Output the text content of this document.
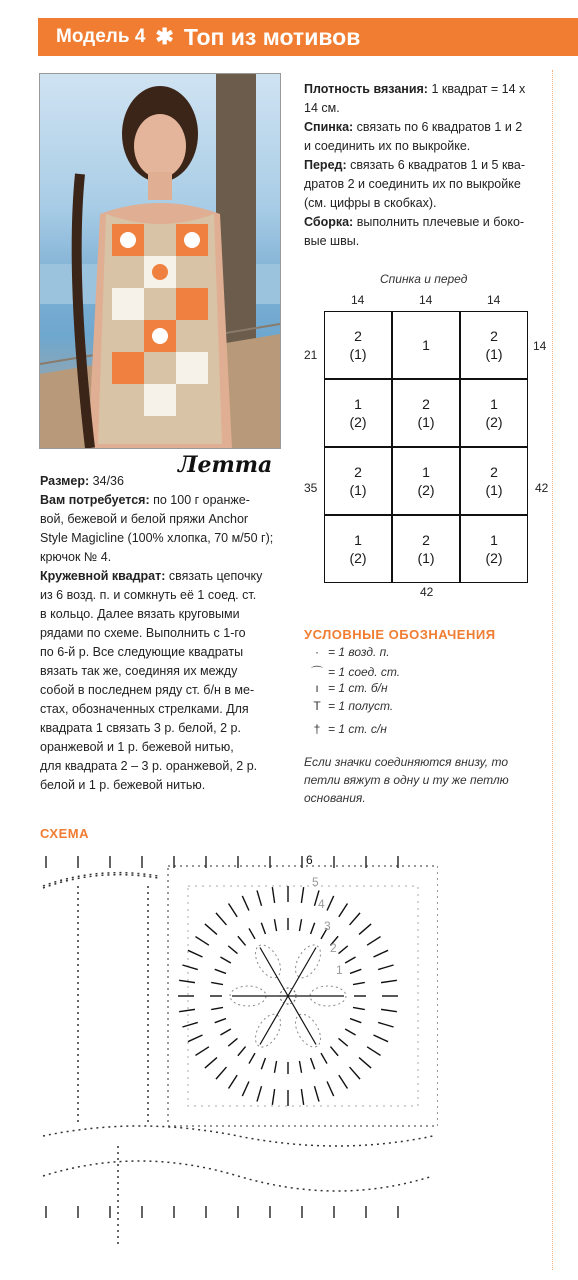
Модель 4 ✱ Топ из мотивов
Летта
Размер: 34/36
Вам потребуется: по 100 г оранже-
вой, бежевой и белой пряжи Anchor
Style Magicline (100% хлопка, 70 м/50 г);
крючок № 4.
Кружевной квадрат: связать цепочку
из 6 возд. п. и сомкнуть её 1 соед. ст.
в кольцо. Далее вязать круговыми
рядами по схеме. Выполнить с 1-го
по 6-й р. Все следующие квадраты
вязать так же, соединяя их между
собой в последнем ряду ст. б/н в ме-
стах, обозначенных стрелками. Для
квадрата 1 связать 3 р. белой, 2 р.
оранжевой и 1 р. бежевой нитью,
для квадрата 2 – 3 р. оранжевой, 2 р.
белой и 1 р. бежевой нитью.
Плотность вязания: 1 квадрат = 14 х
14 см.
Спинка: связать по 6 квадратов 1 и 2
и соединить их по выкройке.
Перед: связать 6 квадратов 1 и 5 ква-
дратов 2 и соединить их по выкройке
(см. цифры в скобках).
Сборка: выполнить плечевые и боко-
вые швы.
Спинка и перед
14	14	14
21
35
14
42
42
2
(1)
1
2
(1)
1
(2)
2
(1)
1
(2)
2
(1)
1
(2)
2
(1)
1
(2)
2
(1)
1
(2)
УСЛОВНЫЕ ОБОЗНАЧЕНИЯ
· = 1 возд. п.
⌒ = 1 соед. ст.
ı = 1 ст. б/н
Т = 1 полуст.
† = 1 ст. с/н
Если значки соединяются внизу, то петли вяжут в одну и ту же петлю основания.
СХЕМА
6
5
4
3
2
1
